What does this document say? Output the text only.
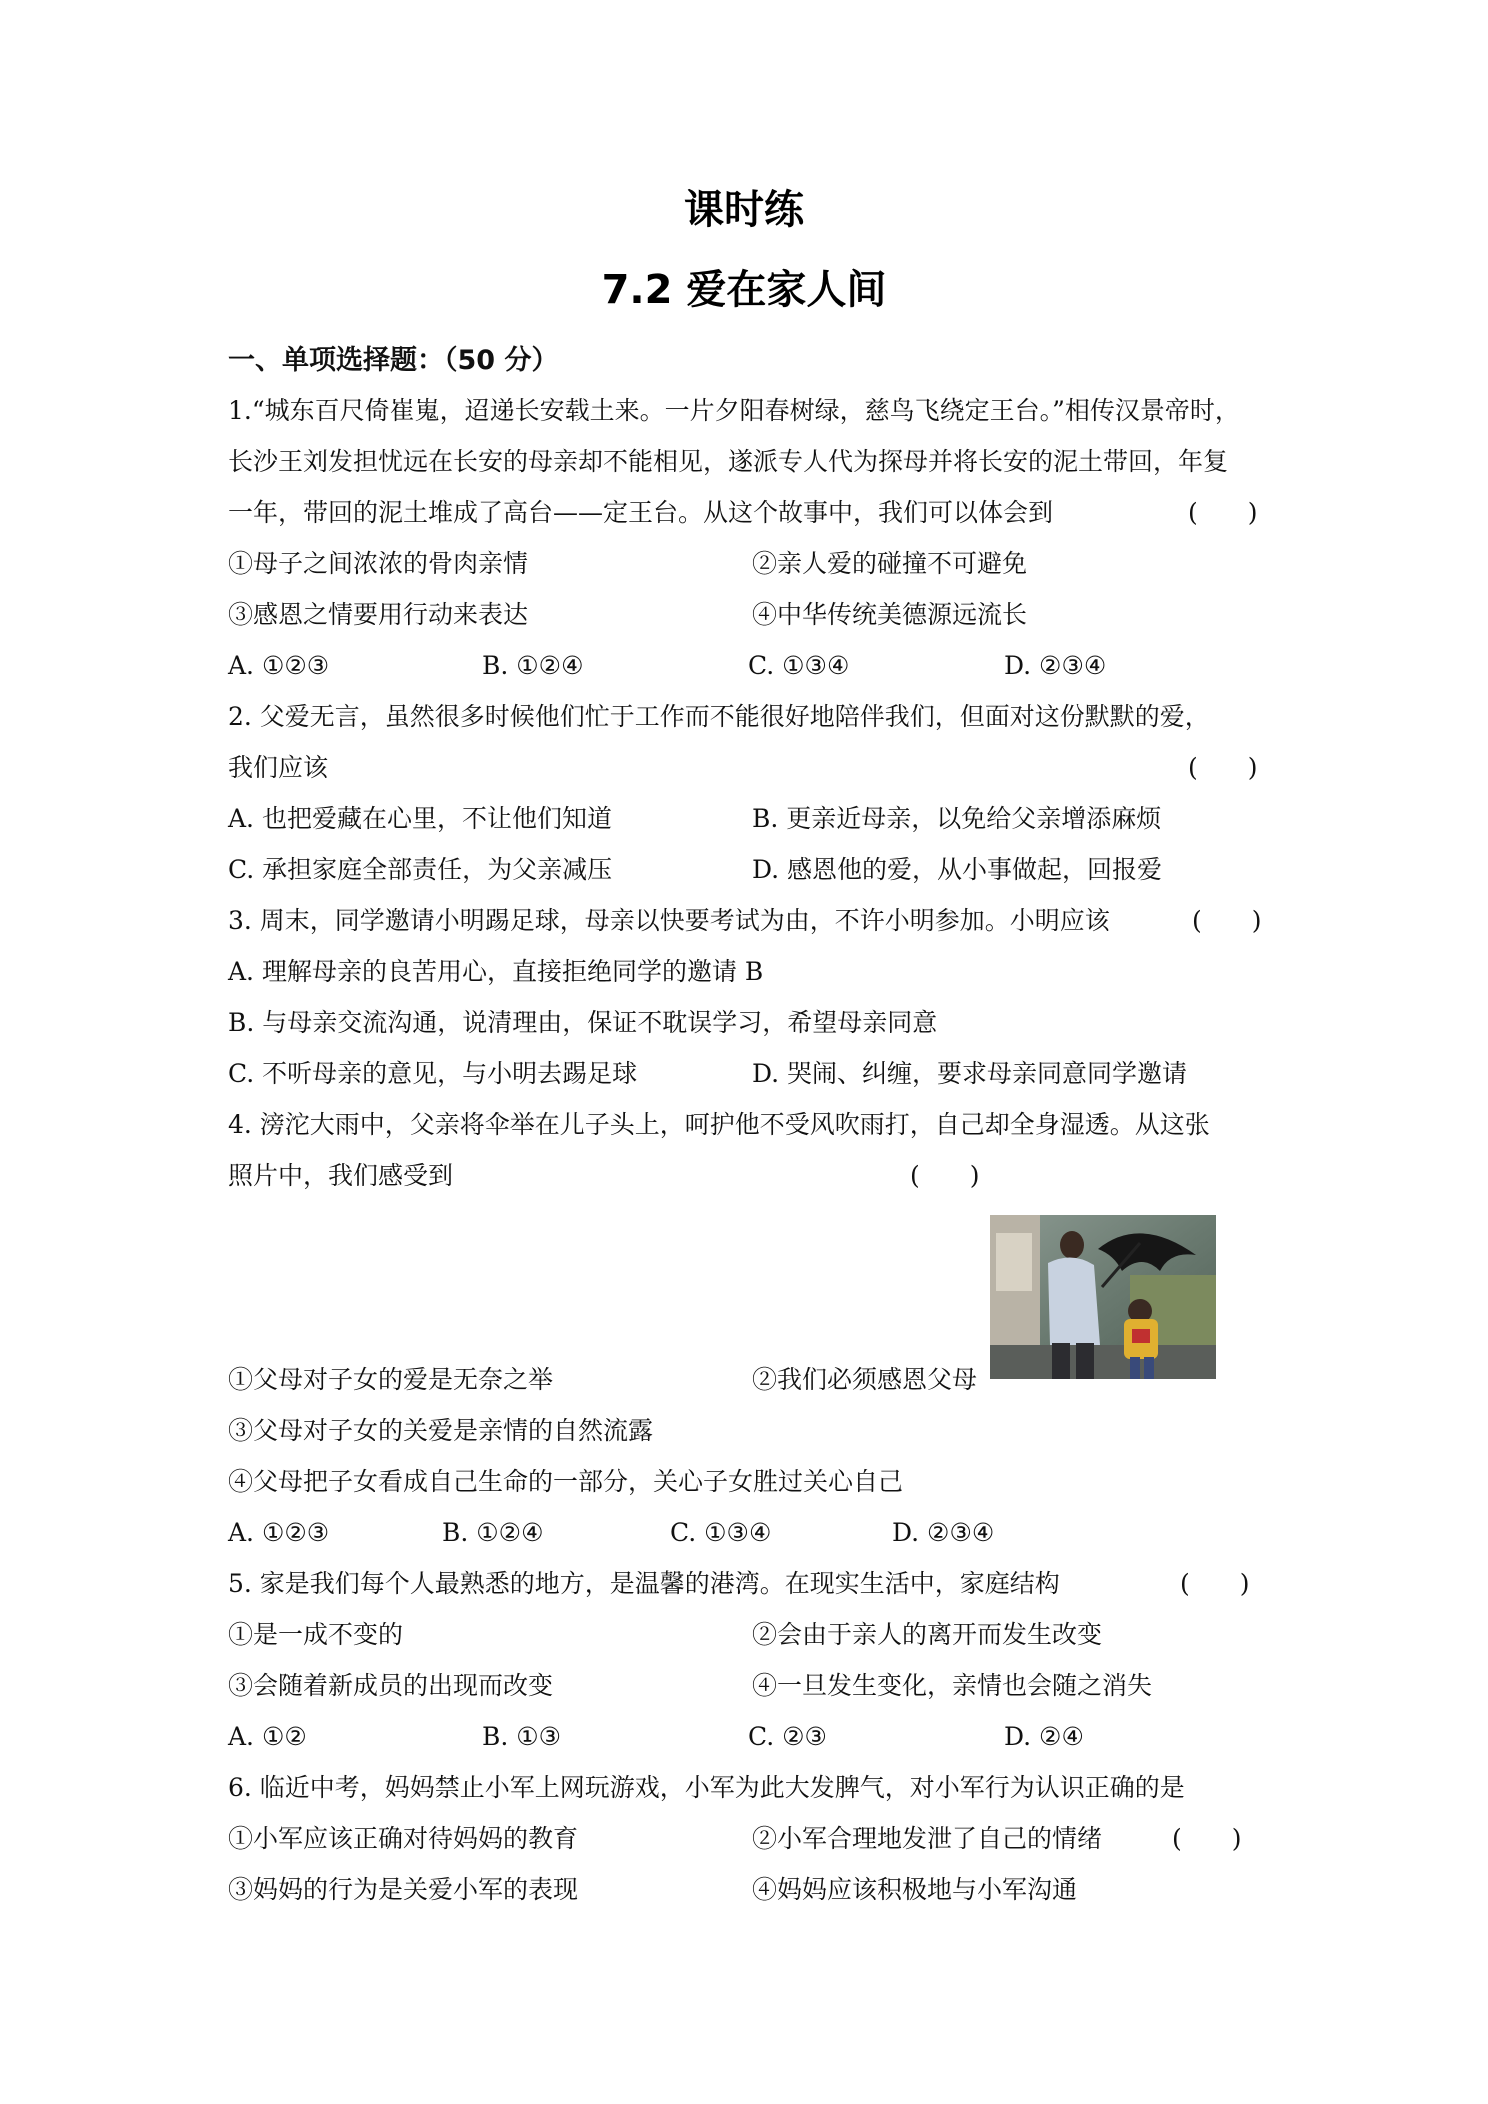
课时练
7.2 爱在家人间
一、单项选择题：（50 分）
1.“城东百尺倚崔嵬，迢递长安载土来。一片夕阳春树绿，慈鸟飞绕定王台。”相传汉景帝时，
长沙王刘发担忧远在长安的母亲却不能相见，遂派专人代为探母并将长安的泥土带回，年复
一年，带回的泥土堆成了高台——定王台。从这个故事中，我们可以体会到	(　　)
①母子之间浓浓的骨肉亲情	②亲人爱的碰撞不可避免
③感恩之情要用行动来表达	④中华传统美德源远流长
A. ①②③	B. ①②④	C. ①③④	D. ②③④
2. 父爱无言，虽然很多时候他们忙于工作而不能很好地陪伴我们，但面对这份默默的爱，
我们应该	(　　)
A. 也把爱藏在心里，不让他们知道	B. 更亲近母亲，以免给父亲增添麻烦
C. 承担家庭全部责任，为父亲减压	D. 感恩他的爱，从小事做起，回报爱
3. 周末，同学邀请小明踢足球，母亲以快要考试为由，不许小明参加。小明应该	(　　)
A. 理解母亲的良苦用心，直接拒绝同学的邀请 B
B. 与母亲交流沟通，说清理由，保证不耽误学习，希望母亲同意
C. 不听母亲的意见，与小明去踢足球	D. 哭闹、纠缠，要求母亲同意同学邀请
4. 滂沱大雨中，父亲将伞举在儿子头上，呵护他不受风吹雨打，自己却全身湿透。从这张
照片中，我们感受到	(　　)
①父母对子女的爱是无奈之举	②我们必须感恩父母
③父母对子女的关爱是亲情的自然流露
④父母把子女看成自己生命的一部分，关心子女胜过关心自己
A. ①②③	B. ①②④	C. ①③④	D. ②③④
5. 家是我们每个人最熟悉的地方，是温馨的港湾。在现实生活中，家庭结构	(　　)
①是一成不变的	②会由于亲人的离开而发生改变
③会随着新成员的出现而改变	④一旦发生变化，亲情也会随之消失
A. ①②	B. ①③	C. ②③	D. ②④
6. 临近中考，妈妈禁止小军上网玩游戏，小军为此大发脾气，对小军行为认识正确的是
①小军应该正确对待妈妈的教育	②小军合理地发泄了自己的情绪	(　　)
③妈妈的行为是关爱小军的表现	④妈妈应该积极地与小军沟通
